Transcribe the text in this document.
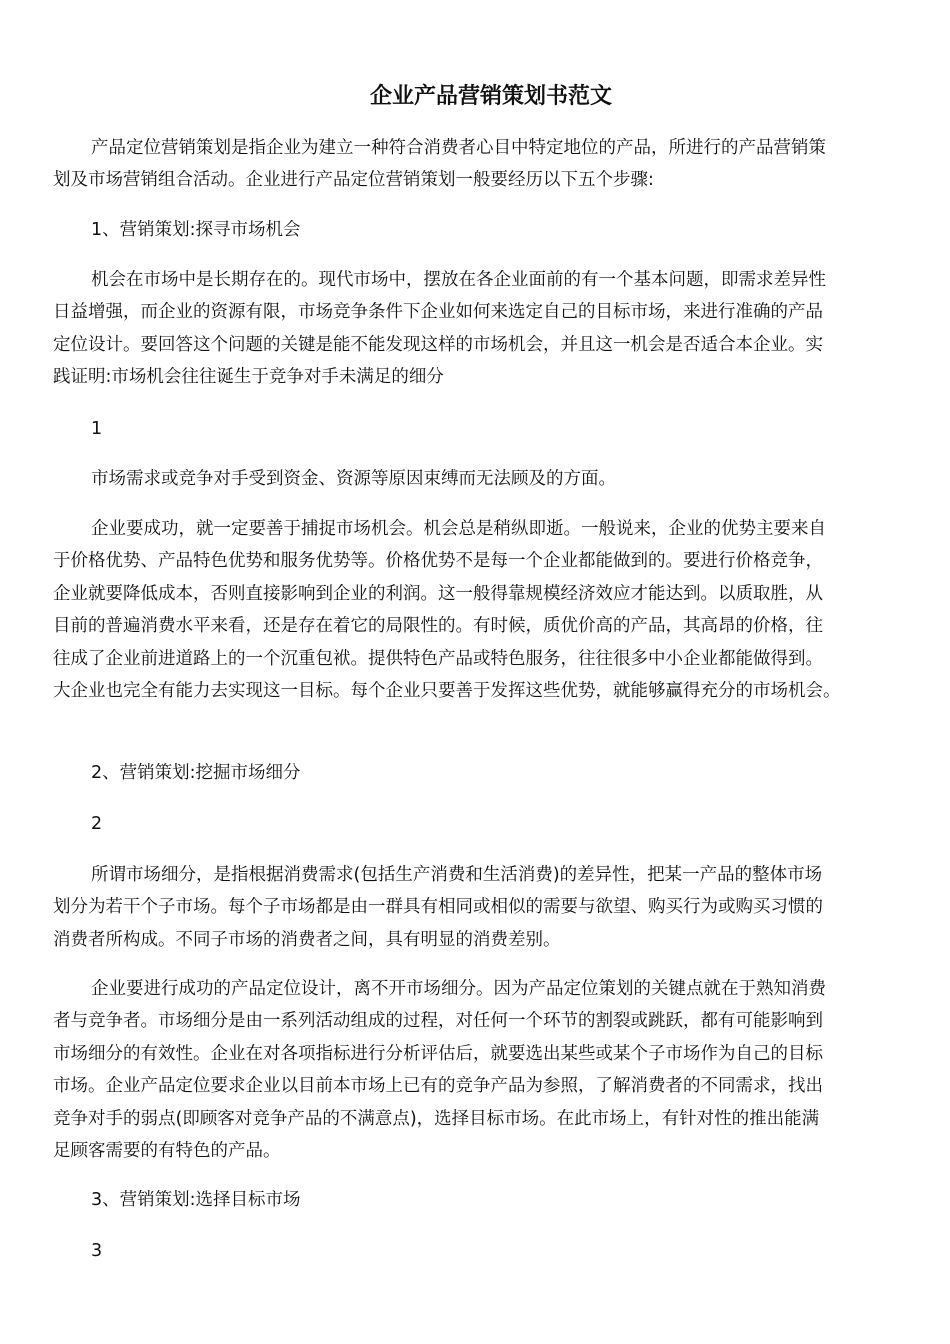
企业产品营销策划书范文

产品定位营销策划是指企业为建立一种符合消费者心目中特定地位的产品，所进行的产品营销策
划及市场营销组合活动。企业进行产品定位营销策划一般要经历以下五个步骤:

1、营销策划:探寻市场机会

机会在市场中是长期存在的。现代市场中，摆放在各企业面前的有一个基本问题，即需求差异性
日益增强，而企业的资源有限，市场竞争条件下企业如何来选定自己的目标市场，来进行准确的产品
定位设计。要回答这个问题的关键是能不能发现这样的市场机会，并且这一机会是否适合本企业。实
践证明:市场机会往往诞生于竞争对手未满足的细分

1

市场需求或竞争对手受到资金、资源等原因束缚而无法顾及的方面。

企业要成功，就一定要善于捕捉市场机会。机会总是稍纵即逝。一般说来，企业的优势主要来自
于价格优势、产品特色优势和服务优势等。价格优势不是每一个企业都能做到的。要进行价格竞争，
企业就要降低成本，否则直接影响到企业的利润。这一般得靠规模经济效应才能达到。以质取胜，从
目前的普遍消费水平来看，还是存在着它的局限性的。有时候，质优价高的产品，其高昂的价格，往
往成了企业前进道路上的一个沉重包袱。提供特色产品或特色服务，往往很多中小企业都能做得到。
大企业也完全有能力去实现这一目标。每个企业只要善于发挥这些优势，就能够赢得充分的市场机会。

2、营销策划:挖掘市场细分

2

所谓市场细分，是指根据消费需求(包括生产消费和生活消费)的差异性，把某一产品的整体市场
划分为若干个子市场。每个子市场都是由一群具有相同或相似的需要与欲望、购买行为或购买习惯的
消费者所构成。不同子市场的消费者之间，具有明显的消费差别。

企业要进行成功的产品定位设计，离不开市场细分。因为产品定位策划的关键点就在于熟知消费
者与竞争者。市场细分是由一系列活动组成的过程，对任何一个环节的割裂或跳跃，都有可能影响到
市场细分的有效性。企业在对各项指标进行分析评估后，就要选出某些或某个子市场作为自己的目标
市场。企业产品定位要求企业以目前本市场上已有的竞争产品为参照，了解消费者的不同需求，找出
竞争对手的弱点(即顾客对竞争产品的不满意点)，选择目标市场。在此市场上，有针对性的推出能满
足顾客需要的有特色的产品。

3、营销策划:选择目标市场

3
